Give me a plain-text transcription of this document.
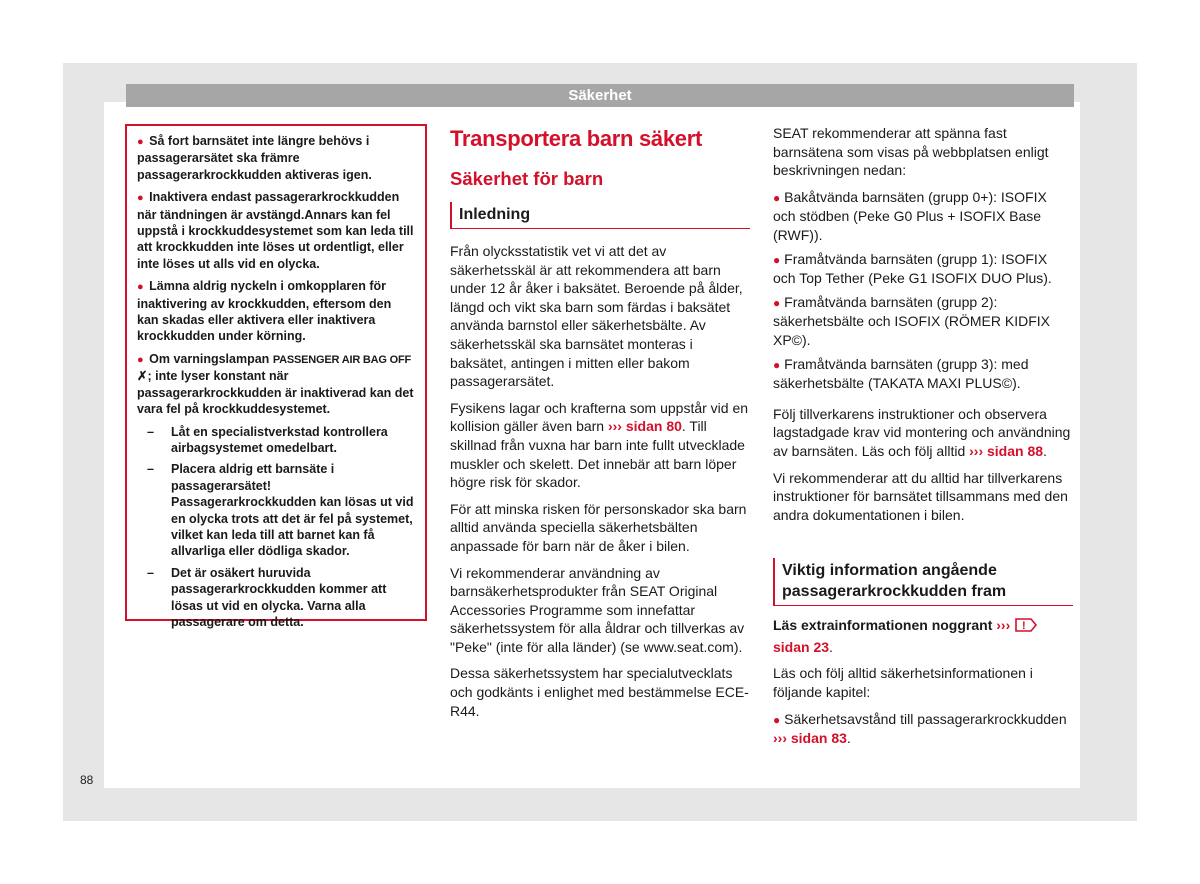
Säkerhet
88

● Så fort barnsätet inte längre behövs i passagerarsätet ska främre passagerarkrockkudden aktiveras igen.

● Inaktivera endast passagerarkrockkudden när tändningen är avstängd.Annars kan fel uppstå i krockkuddesystemet som kan leda till att krockkudden inte löses ut ordentligt, eller inte löses ut alls vid en olycka.

● Lämna aldrig nyckeln i omkopplaren för inaktivering av krockkudden, eftersom den kan skadas eller aktivera eller inaktivera krockkudden under körning.

● Om varningslampan PASSENGER AIR BAG OFF ✗; inte lyser konstant när passagerarkrockkudden är inaktiverad kan det vara fel på krockkuddesystemet.

– Låt en specialistverkstad kontrollera airbagsystemet omedelbart.
– Placera aldrig ett barnsäte i passagerarsätet! Passagerarkrockkudden kan lösas ut vid en olycka trots att det är fel på systemet, vilket kan leda till att barnet kan få allvarliga eller dödliga skador.
– Det är osäkert huruvida passagerarkrockkudden kommer att lösas ut vid en olycka. Varna alla passagerare om detta.
Transportera barn säkert
Säkerhet för barn
Inledning

Från olycksstatistik vet vi att det av säkerhetsskäl är att rekommendera att barn under 12 år åker i baksätet. Beroende på ålder, längd och vikt ska barn som färdas i baksätet använda barnstol eller säkerhetsbälte. Av säkerhetsskäl ska barnsätet monteras i baksätet, antingen i mitten eller bakom passagerarsätet.

Fysikens lagar och krafterna som uppstår vid en kollision gäller även barn ››› sidan 80. Till skillnad från vuxna har barn inte fullt utvecklade muskler och skelett. Det innebär att barn löper högre risk för skador.

För att minska risken för personskador ska barn alltid använda speciella säkerhetsbälten anpassade för barn när de åker i bilen.

Vi rekommenderar användning av barnsäkerhetsprodukter från SEAT Original Accessories Programme som innefattar säkerhetssystem för alla åldrar och tillverkas av "Peke" (inte för alla länder) (se www.seat.com).

Dessa säkerhetssystem har specialutvecklats och godkänts i enlighet med bestämmelse ECE-R44.

SEAT rekommenderar att spänna fast barnsätena som visas på webbplatsen enligt beskrivningen nedan:

● Bakåtvända barnsäten (grupp 0+): ISOFIX och stödben (Peke G0 Plus + ISOFIX Base (RWF)).

● Framåtvända barnsäten (grupp 1): ISOFIX och Top Tether (Peke G1 ISOFIX DUO Plus).

● Framåtvända barnsäten (grupp 2): säkerhetsbälte och ISOFIX (RÖMER KIDFIX XP©).

● Framåtvända barnsäten (grupp 3): med säkerhetsbälte (TAKATA MAXI PLUS©).

Följ tillverkarens instruktioner och observera lagstadgade krav vid montering och användning av barnsäten. Läs och följ alltid ››› sidan 88.

Vi rekommenderar att du alltid har tillverkarens instruktioner för barnsätet tillsammans med den andra dokumentationen i bilen.

Viktig information angående passagerarkrockkudden fram

Läs extrainformationen noggrant ››› !
sidan 23.

Läs och följ alltid säkerhetsinformationen i följande kapitel:

● Säkerhetsavstånd till passagerarkrockkudden ››› sidan 83.
